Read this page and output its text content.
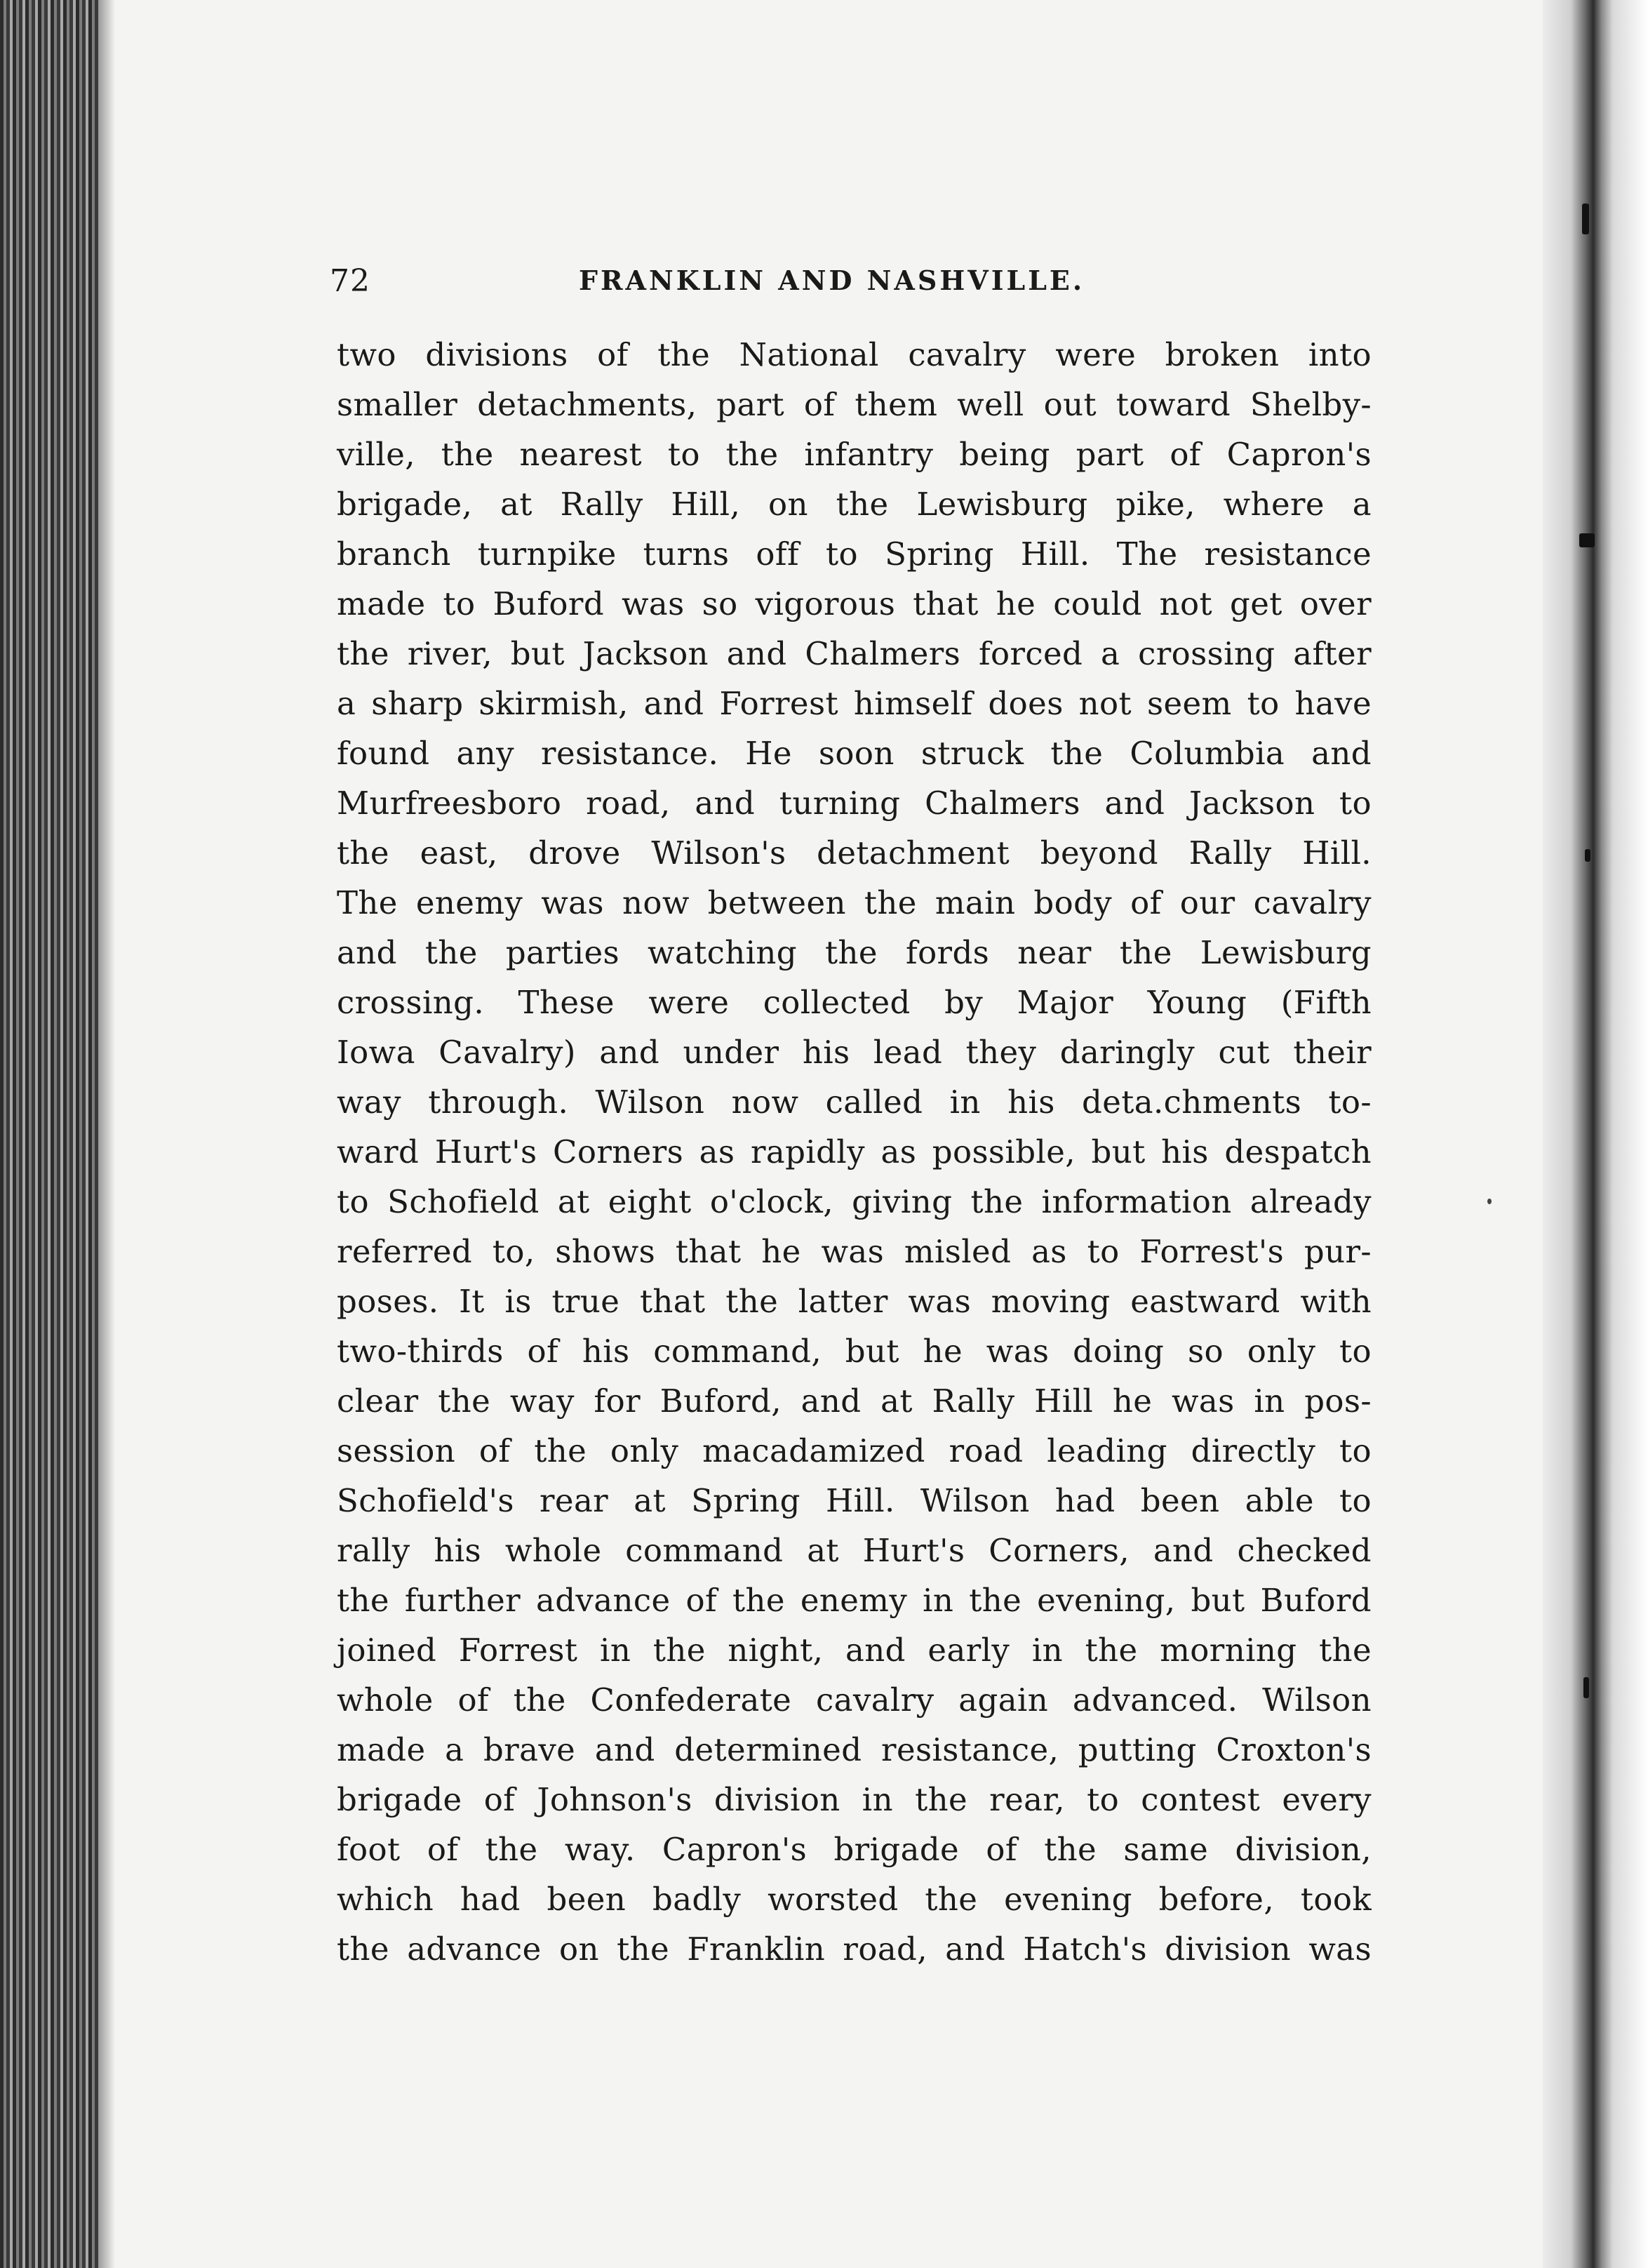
72	FRANKLIN AND NASHVILLE.
two divisions of the National cavalry were broken into
smaller detachments, part of them well out toward Shelby-
ville, the nearest to the infantry being part of Capron's
brigade, at Rally Hill, on the Lewisburg pike, where a
branch turnpike turns off to Spring Hill. The resistance
made to Buford was so vigorous that he could not get over
the river, but Jackson and Chalmers forced a crossing after
a sharp skirmish, and Forrest himself does not seem to have
found any resistance. He soon struck the Columbia and
Murfreesboro road, and turning Chalmers and Jackson to
the east, drove Wilson's detachment beyond Rally Hill.
The enemy was now between the main body of our cavalry
and the parties watching the fords near the Lewisburg
crossing. These were collected by Major Young (Fifth
Iowa Cavalry) and under his lead they daringly cut their
way through. Wilson now called in his deta.chments to-
ward Hurt's Corners as rapidly as possible, but his despatch
to Schofield at eight o'clock, giving the information already
referred to, shows that he was misled as to Forrest's pur-
poses. It is true that the latter was moving eastward with
two-thirds of his command, but he was doing so only to
clear the way for Buford, and at Rally Hill he was in pos-
session of the only macadamized road leading directly to
Schofield's rear at Spring Hill. Wilson had been able to
rally his whole command at Hurt's Corners, and checked
the further advance of the enemy in the evening, but Buford
joined Forrest in the night, and early in the morning the
whole of the Confederate cavalry again advanced. Wilson
made a brave and determined resistance, putting Croxton's
brigade of Johnson's division in the rear, to contest every
foot of the way. Capron's brigade of the same division,
which had been badly worsted the evening before, took
the advance on the Franklin road, and Hatch's division was
